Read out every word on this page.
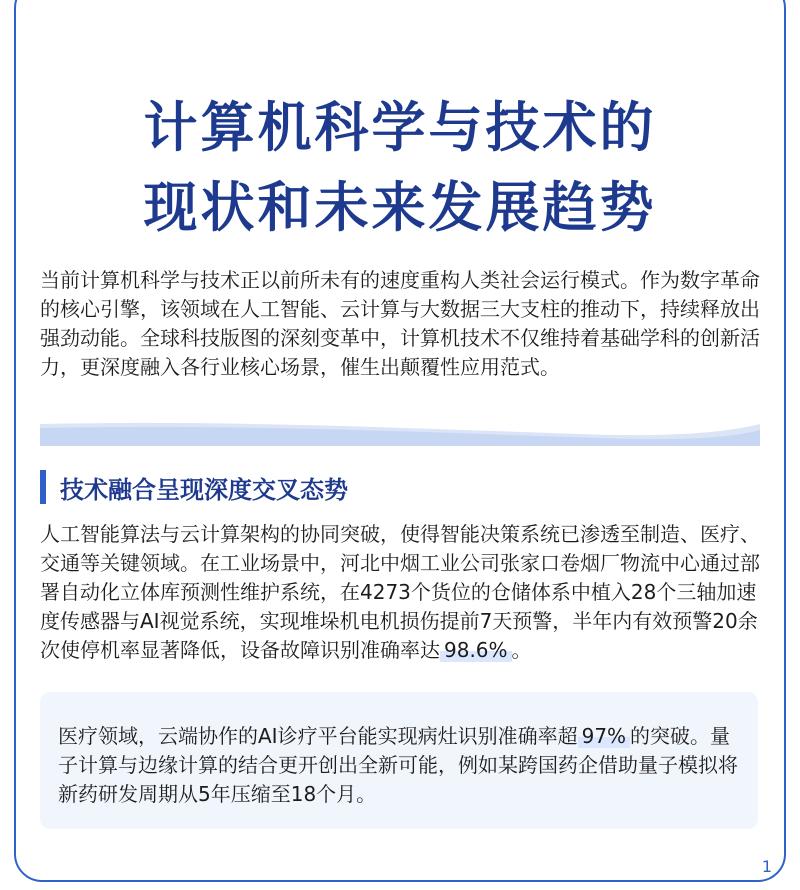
计算机科学与技术的
现状和未来发展趋势
当前计算机科学与技术正以前所未有的速度重构人类社会运行模式。作为数字革命的核心引擎，该领域在人工智能、云计算与大数据三大支柱的推动下，持续释放出强劲动能。全球科技版图的深刻变革中，计算机技术不仅维持着基础学科的创新活力，更深度融入各行业核心场景，催生出颠覆性应用范式。
技术融合呈现深度交叉态势
人工智能算法与云计算架构的协同突破，使得智能决策系统已渗透至制造、医疗、交通等关键领域。在工业场景中，河北中烟工业公司张家口卷烟厂物流中心通过部署自动化立体库预测性维护系统，在4273个货位的仓储体系中植入28个三轴加速度传感器与AI视觉系统，实现堆垛机电机损伤提前7天预警，半年内有效预警20余次使停机率显著降低，设备故障识别准确率达 98.6% 。
医疗领域，云端协作的AI诊疗平台能实现病灶识别准确率超 97% 的突破。量子计算与边缘计算的结合更开创出全新可能，例如某跨国药企借助量子模拟将新药研发周期从5年压缩至18个月。
1
